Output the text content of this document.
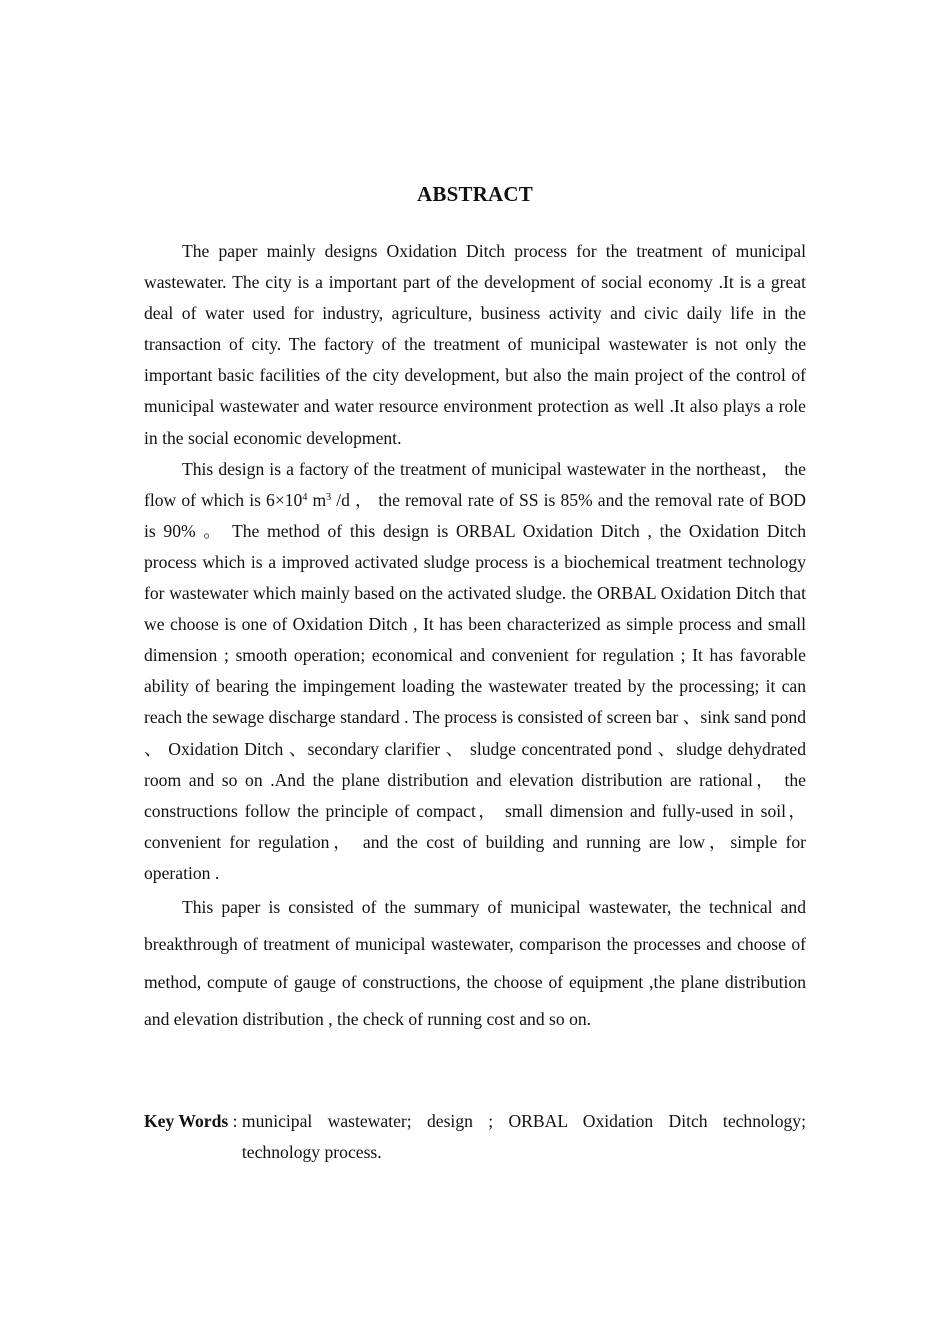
ABSTRACT

The paper mainly designs Oxidation Ditch process for the treatment of municipal wastewater. The city is a important part of the development of social economy .It is a great deal of water used for industry, agriculture, business activity and civic daily life in the transaction of city. The factory of the treatment of municipal wastewater is not only the important basic facilities of the city development, but also the main project of the control of municipal wastewater and water resource environment protection as well .It also plays a role in the social economic development.

This design is a factory of the treatment of municipal wastewater in the northeast， the flow of which is $6\times 10^4$ $m^3$ /d ， the removal rate of SS is 85% and the removal rate of BOD is 90% 。 The method of this design is ORBAL Oxidation Ditch , the Oxidation Ditch process which is a improved activated sludge process is a biochemical treatment technology for wastewater which mainly based on the activated sludge. the ORBAL Oxidation Ditch that we choose is one of Oxidation Ditch , It has been characterized as simple process and small dimension ; smooth operation; economical and convenient for regulation ; It has favorable ability of bearing the impingement loading the wastewater treated by the processing; it can reach the sewage discharge standard . The process is consisted of screen bar 、sink sand pond 、 Oxidation Ditch 、secondary clarifier 、 sludge concentrated pond 、sludge dehydrated room and so on .And the plane distribution and elevation distribution are rational， the constructions follow the principle of compact， small dimension and fully-used in soil， convenient for regulation， and the cost of building and running are low，simple for operation .

This paper is consisted of the summary of municipal wastewater, the technical and breakthrough of treatment of municipal wastewater, comparison the processes and choose of method, compute of gauge of constructions, the choose of equipment ,the plane distribution and elevation distribution , the check of running cost and so on.

Key Words : municipal wastewater; design ; ORBAL Oxidation Ditch technology; technology process.
